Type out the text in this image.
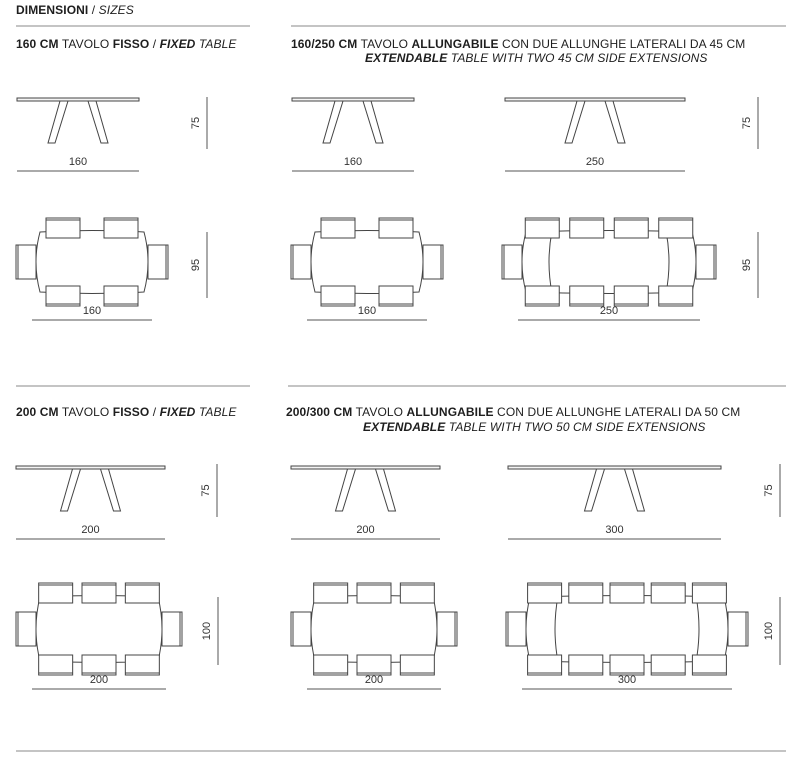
DIMENSIONI / SIZES
160 CM TAVOLO FISSO / FIXED TABLE	160/250 CM TAVOLO ALLUNGABILE CON DUE ALLUNGHE LATERALI DA 45 CM
EXTENDABLE TABLE WITH TWO 45 CM SIDE EXTENSIONS
200 CM TAVOLO FISSO / FIXED TABLE	200/300 CM TAVOLO ALLUNGABILE CON DUE ALLUNGHE LATERALI DA 50 CM
EXTENDABLE TABLE WITH TWO 50 CM SIDE EXTENSIONS
160
75
160
95
160	250
75
160	250
95
200
75
200
100
200	300
75
200	300
100
